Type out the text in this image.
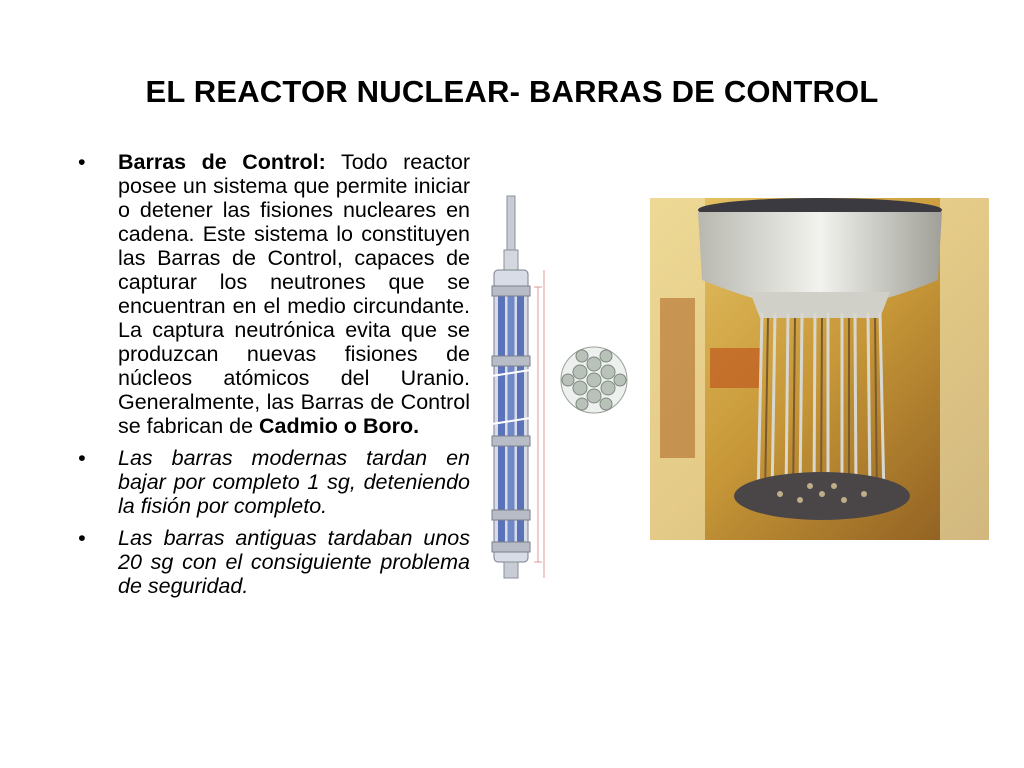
EL REACTOR NUCLEAR- BARRAS DE CONTROL
• Barras de Control: Todo reactor posee un sistema que permite iniciar o detener las fisiones nucleares en cadena. Este sistema lo constituyen las Barras de Control, capaces de capturar los neutrones que se encuentran en el medio circundante. La captura neutrónica evita que se produzcan nuevas fisiones de núcleos atómicos del Uranio. Generalmente, las Barras de Control se fabrican de Cadmio o Boro.
• Las barras modernas tardan en bajar por completo 1 sg, deteniendo la fisión por completo.
• Las barras antiguas tardaban unos 20 sg con el consiguiente problema de seguridad.
